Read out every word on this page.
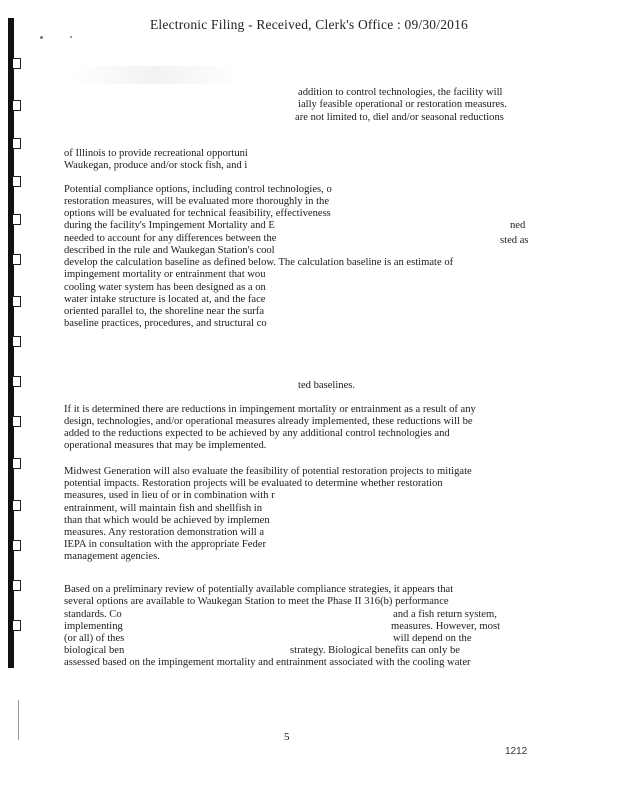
Electronic Filing - Received, Clerk's Office : 09/30/2016
addition to control technologies, the facility will
ially feasible operational or restoration measures.
are not limited to, diel and/or seasonal reductions
of Illinois to provide recreational opportuni
Waukegan, produce and/or stock fish, and i
Potential compliance options, including control technologies, o
restoration measures, will be evaluated more thoroughly in the
options will be evaluated for technical feasibility, effectiveness
ned
during the facility's Impingement Mortality and E
sted as
needed to account for any differences between the
described in the rule and Waukegan Station's cool
develop the calculation baseline as defined below. The calculation baseline is an estimate of
impingement mortality or entrainment that wou
cooling water system has been designed as a on
water intake structure is located at, and the face
oriented parallel to, the shoreline near the surfa
baseline practices, procedures, and structural co
ted baselines.
If it is determined there are reductions in impingement mortality or entrainment as a result of any
design, technologies, and/or operational measures already implemented, these reductions will be
added to the reductions expected to be achieved by any additional control technologies and
operational measures that may be implemented.
Midwest Generation will also evaluate the feasibility of potential restoration projects to mitigate
potential impacts. Restoration projects will be evaluated to determine whether restoration
measures, used in lieu of or in combination with r
entrainment, will maintain fish and shellfish in
than that which would be achieved by implemen
measures. Any restoration demonstration will a
IEPA in consultation with the appropriate Feder
management agencies.
Based on a preliminary review of potentially available compliance strategies, it appears that
several options are available to Waukegan Station to meet the Phase II 316(b) performance
standards. Co	and a fish return system,
implementing	measures. However, most
(or all) of thes	will depend on the
biological ben	strategy. Biological benefits can only be
assessed based on the impingement mortality and entrainment associated with the cooling water
5
1212
